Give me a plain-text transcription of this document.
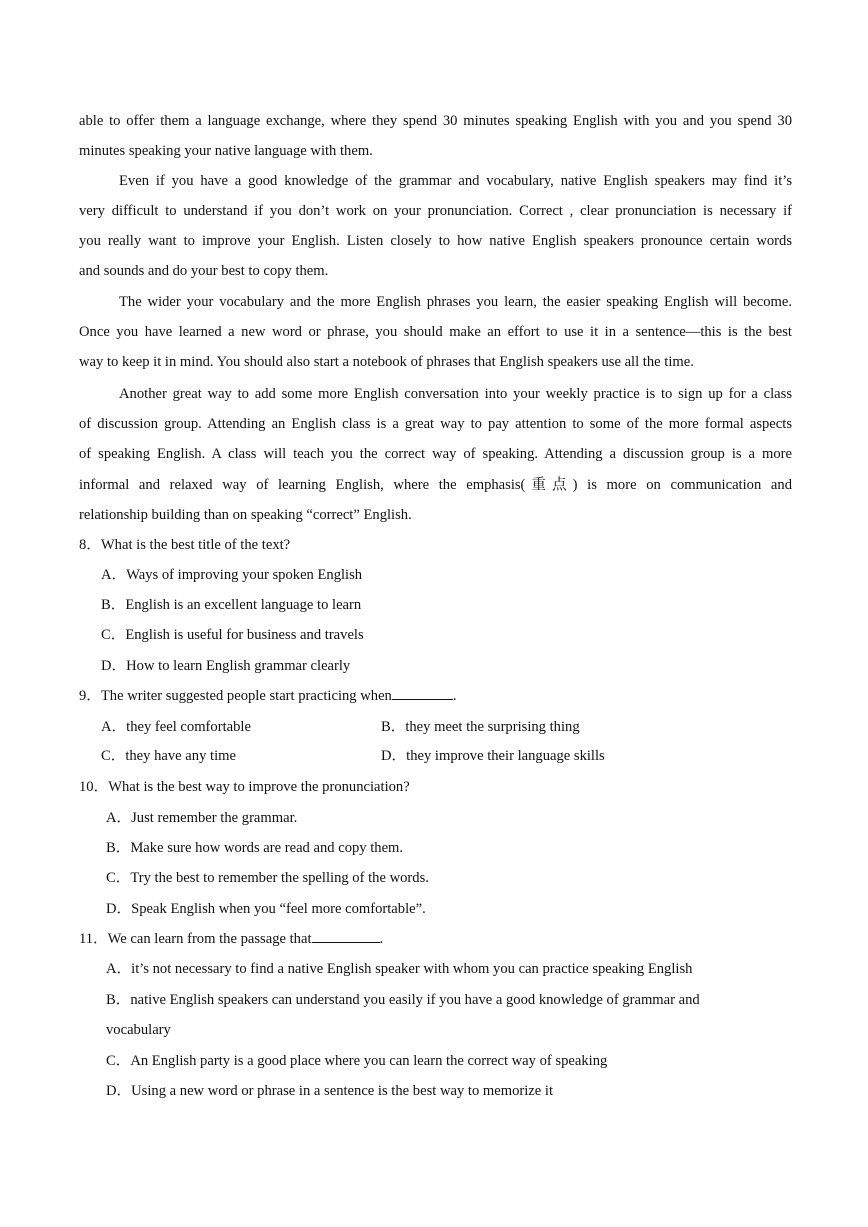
able to offer them a language exchange, where they spend 30 minutes speaking English with you and you spend 30
minutes speaking your native language with them.
Even if you have a good knowledge of the grammar and vocabulary, native English speakers may find it’s
very difficult to understand if you don’t work on your pronunciation. Correct , clear pronunciation is necessary if
you really want to improve your English. Listen closely to how native English speakers pronounce certain words
and sounds and do your best to copy them.
The wider your vocabulary and the more English phrases you learn, the easier speaking English will become.
Once you have learned a new word or phrase, you should make an effort to use it in a sentence—this is the best
way to keep it in mind. You should also start a notebook of phrases that English speakers use all the time.
Another great way to add some more English conversation into your weekly practice is to sign up for a class
of discussion group. Attending an English class is a great way to pay attention to some of the more formal aspects
of speaking English. A class will teach you the correct way of speaking. Attending a discussion group is a more
informal and relaxed way of learning English, where the emphasis(重点) is more on communication and
relationship building than on speaking “correct” English.
8．What is the best title of the text?
A．Ways of improving your spoken English
B．English is an excellent language to learn
C．English is useful for business and travels
D．How to learn English grammar clearly
9．The writer suggested people start practicing when	.
A．they feel comfortable	B．they meet the surprising thing
C．they have any time	D．they improve their language skills
10．What is the best way to improve the pronunciation?
A．Just remember the grammar.
B．Make sure how words are read and copy them.
C．Try the best to remember the spelling of the words.
D．Speak English when you “feel more comfortable”.
11．We can learn from the passage that	.
A．it’s not necessary to find a native English speaker with whom you can practice speaking English
B．native English speakers can understand you easily if you have a good knowledge of grammar and
vocabulary
C．An English party is a good place where you can learn the correct way of speaking
D．Using a new word or phrase in a sentence is the best way to memorize it
